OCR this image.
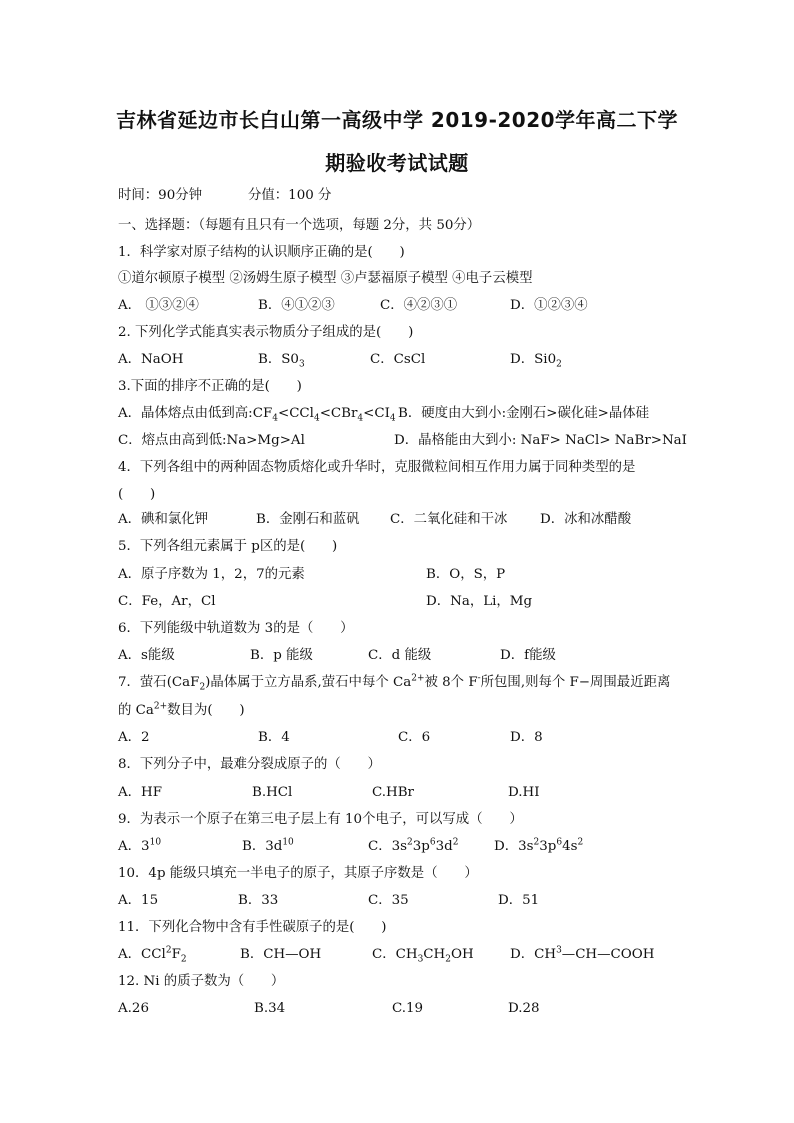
吉林省延边市长白山第一高级中学 2019-2020学年高二下学
期验收考试试题
时间：90分钟	分值：100 分
一、选择题：（每题有且只有一个选项，每题 2分，共 50分）
1．科学家对原子结构的认识顺序正确的是(　　)
①道尔顿原子模型 ②汤姆生原子模型 ③卢瑟福原子模型 ④电子云模型
A． ①③②④	B．④①②③	C．④②③①	D．①②③④
2. 下列化学式能真实表示物质分子组成的是(　　)
A．NaOH	B．$S0_3$	C．CsCl	D．$Si0_2$
3.下面的排序不正确的是(　　)
A．晶体熔点由低到高$:CF_4<CCl_4<CBr_4<CI_4$ B．硬度由大到小:金刚石>碳化硅>晶体硅
C．熔点由高到低:Na>Mg>Al	D．晶格能由大到小: NaF> NaCl> NaBr>NaI
4．下列各组中的两种固态物质熔化或升华时，克服微粒间相互作用力属于同种类型的是
(　　)
A．碘和氯化钾	B．金刚石和蓝矾 C．二氧化硅和干冰 D．冰和冰醋酸
5．下列各组元素属于 p区的是(　　)
A．原子序数为 1，2，7的元素	B．O，S，P
C．Fe，Ar，Cl	D．Na，Li，Mg
6．下列能级中轨道数为 3的是（　　）
A．s能级	B．p 能级	C．d 能级	D．f能级
7．萤石(CaF$_2$)晶体属于立方晶系,萤石中每个 $Ca^{2+}$被 8个 F-所包围,则每个 F−周围最近距离
的 $Ca^{2+}$数目为(　　)
A．2	B．4	C．6	D．8
8．下列分子中，最难分裂成原子的（　　）
A．HF	B.HCl	C.HBr	D.HI
9．为表示一个原子在第三电子层上有 10个电子，可以写成（　　）
A．$3^{10}$	B．$3d^{10}$	C．$3s^23p^63d^2$	D．$3s^23p^64s^2$
10．4p 能级只填充一半电子的原子，其原子序数是（　　）
A．15	B．33	C．35	D．51
11．下列化合物中含有手性碳原子的是(　　)
A．$CCl^2F_2$	B．CH—OH	C．$CH_3CH_2OH$	D．$CH^3—CH—COOH$
12. Ni 的质子数为（　　）
A.26	B.34	C.19	D.28
